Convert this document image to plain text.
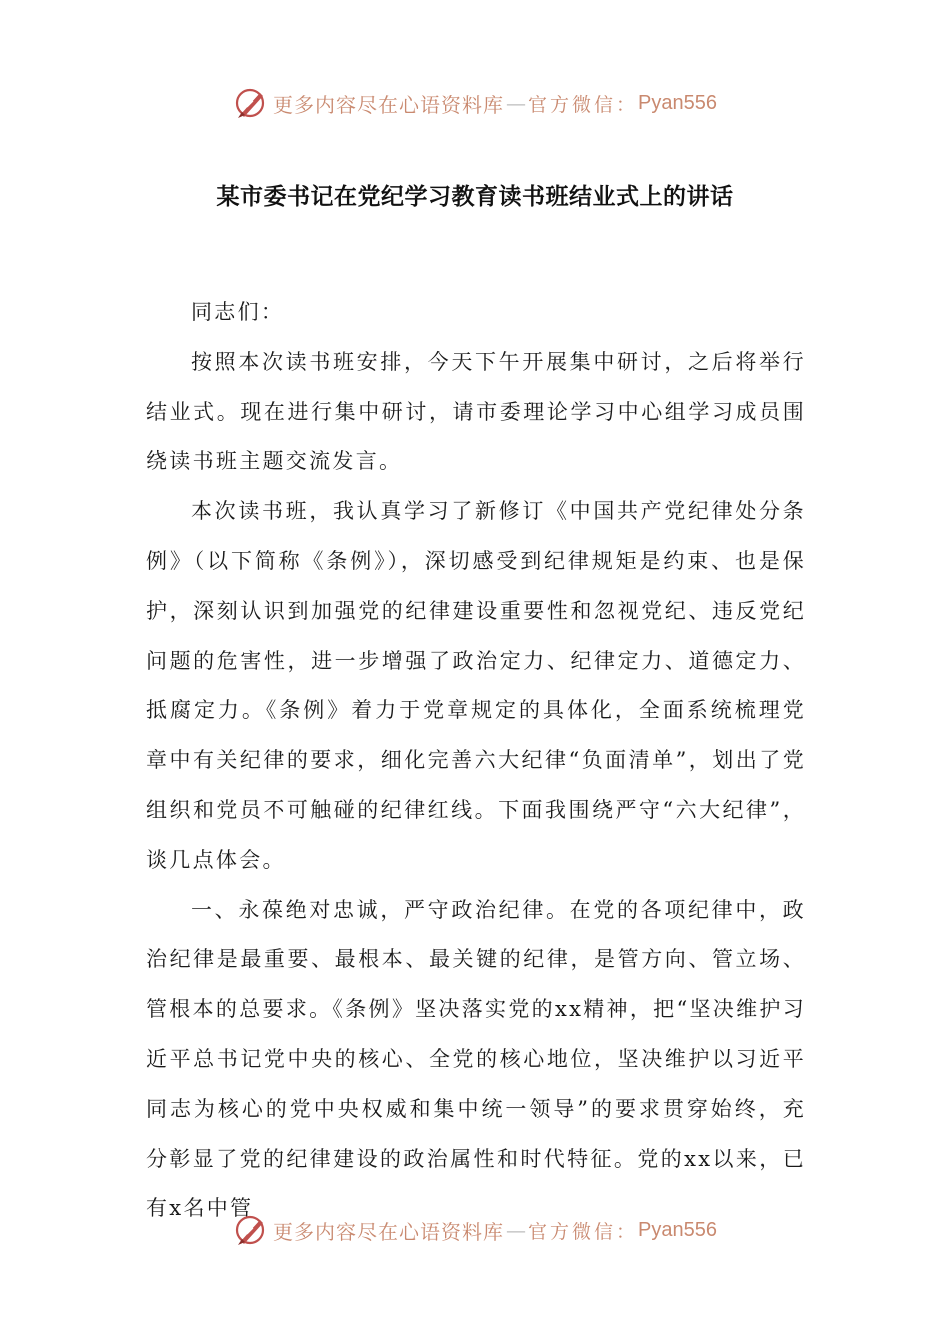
更多内容尽在心语资料库 — 官方微信： Pyan556
某市委书记在党纪学习教育读书班结业式上的讲话

同志们：

按照本次读书班安排，今天下午开展集中研讨，之后将举行结业式。现在进行集中研讨，请市委理论学习中心组学习成员围绕读书班主题交流发言。

本次读书班，我认真学习了新修订《中国共产党纪律处分条例》（以下简称《条例》），深切感受到纪律规矩是约束、也是保护，深刻认识到加强党的纪律建设重要性和忽视党纪、违反党纪问题的危害性，进一步增强了政治定力、纪律定力、道德定力、抵腐定力。《条例》着力于党章规定的具体化，全面系统梳理党章中有关纪律的要求，细化完善六大纪律“负面清单”，划出了党组织和党员不可触碰的纪律红线。下面我围绕严守“六大纪律”，谈几点体会。

一、永葆绝对忠诚，严守政治纪律。在党的各项纪律中，政治纪律是最重要、最根本、最关键的纪律，是管方向、管立场、管根本的总要求。《条例》坚决落实党的xx精神，把“坚决维护习近平总书记党中央的核心、全党的核心地位，坚决维护以习近平同志为核心的党中央权威和集中统一领导”的要求贯穿始终，充分彰显了党的纪律建设的政治属性和时代特征。党的xx以来，已有x名中管

更多内容尽在心语资料库 — 官方微信： Pyan556
